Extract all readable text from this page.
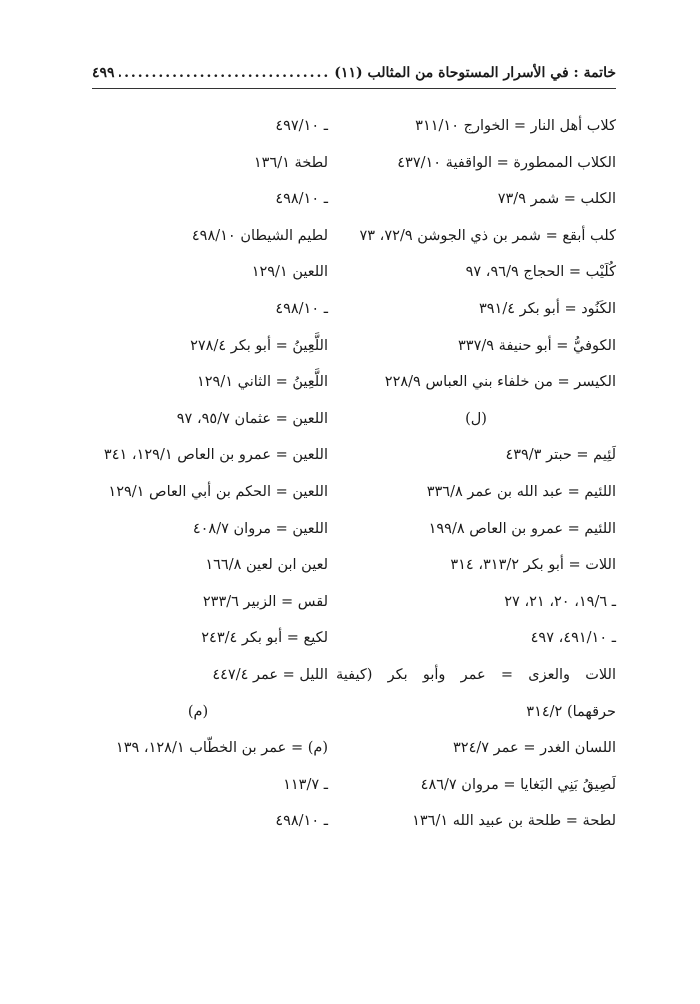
خاتمة : في الأسرار المستوحاة من المثالب (١١)
.....
٤٩٩
كلاب أهل النار = الخوارج ٣١١/١٠
الكلاب الممطورة = الواقفية ٤٣٧/١٠
الكلب = شمر ٧٣/٩
كلب أبقع = شمر بن ذي الجوشن ٧٢/٩، ٧٣
كُلَيْب = الحجاج ٩٦/٩، ٩٧
الكَنُود = أبو بكر ٣٩١/٤
الكوفيُّ = أبو حنيفة ٣٣٧/٩
الكيسر = من خلفاء بني العباس ٢٢٨/٩
(ل)
لَئِيم = حبتر ٤٣٩/٣
اللئيم = عبد الله بن عمر ٣٣٦/٨
اللئيم = عمرو بن العاص ١٩٩/٨
اللات = أبو بكر ٣١٣/٢، ٣١٤
ـ ١٩/٦، ٢٠، ٢١، ٢٧
ـ ٤٩١/١٠، ٤٩٧
اللات والعزى = عمر وأبو بكر (كيفية
حرقهما) ٣١٤/٢
اللسان الغدر = عمر ٣٢٤/٧
لَصِيقُ بَنِي البَغايا = مروان ٤٨٦/٧
لطحة = طلحة بن عبيد الله ١٣٦/١
ـ ٤٩٧/١٠
لطخة ١٣٦/١
ـ ٤٩٨/١٠
لطيم الشيطان ٤٩٨/١٠
اللعين ١٢٩/١
ـ ٤٩٨/١٠
اللَّعِينُ = أبو بكر ٢٧٨/٤
اللَّعِينُ = الثاني ١٢٩/١
اللعين = عثمان ٩٥/٧، ٩٧
اللعين = عمرو بن العاص ١٢٩/١، ٣٤١
اللعين = الحكم بن أبي العاص ١٢٩/١
اللعين = مروان ٤٠٨/٧
لعين ابن لعين ١٦٦/٨
لقس = الزبير ٢٣٣/٦
لكيع = أبو بكر ٢٤٣/٤
الليل = عمر ٤٤٧/٤
(م)
(م) = عمر بن الخطّاب ١٢٨/١، ١٣٩
ـ ١١٣/٧
ـ ٤٩٨/١٠
